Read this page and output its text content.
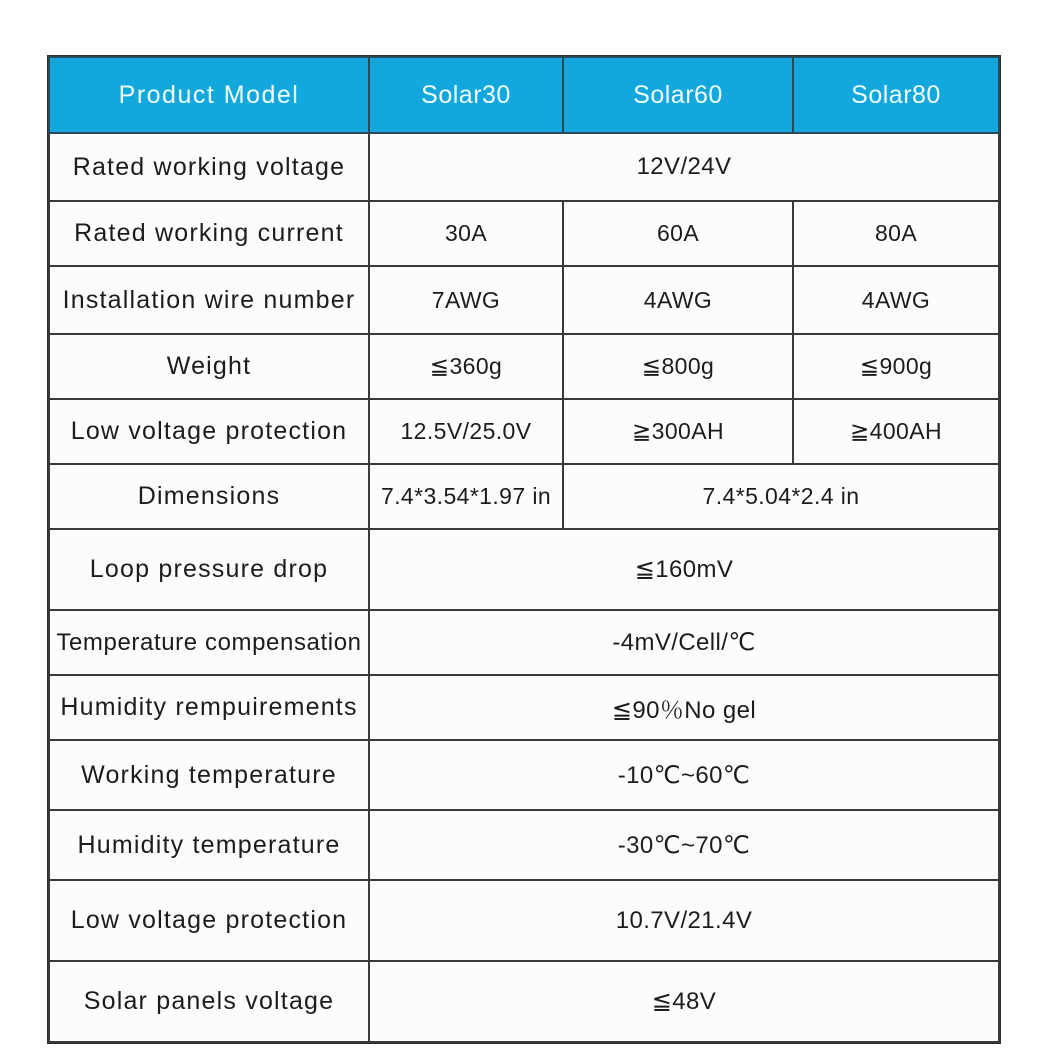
Product Model	Solar30	Solar60	Solar80
Rated working voltage	12V/24V		
Rated working current	30A	60A	80A
Installation wire number	7AWG	4AWG	4AWG
Weight	≦360g	≦800g	≦900g
Low voltage protection	12.5V/25.0V	≧300AH	≧400AH
Dimensions	7.4*3.54*1.97 in	7.4*5.04*2.4 in	
Loop pressure drop	≦160mV		
Temperature compensation	-4mV/Cell/℃		
Humidity rempuirements	≦90％No gel		
Working temperature	-10℃~60℃		
Humidity temperature	-30℃~70℃		
Low voltage protection	10.7V/21.4V		
Solar panels voltage	≦48V		
